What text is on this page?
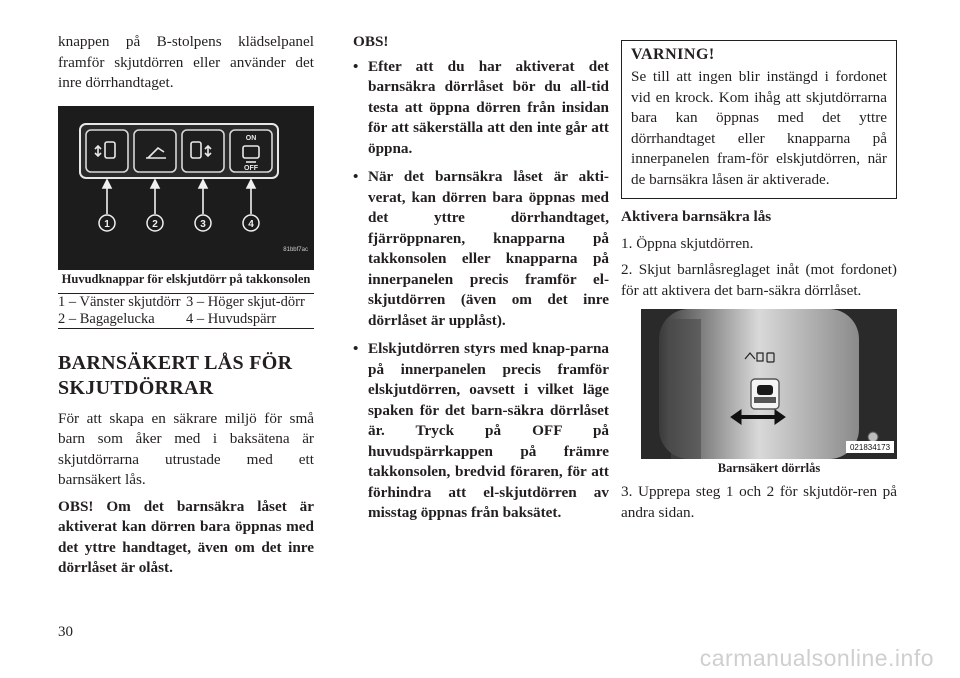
knappen på B-stolpens klädselpanel framför skjutdörren eller använder det inre dörrhandtaget.

ON
OFF
1	2	3	4
81bbf7ac

Huvudknappar för elskjutdörr på takkonsolen

1 – Vänster skjutdörr	3 – Höger skjut-dörr
2 – Bagagelucka	4 – Huvudspärr
BARNSÄKERT LÅS FÖR SKJUTDÖRRAR

För att skapa en säkrare miljö för små barn som åker med i baksätena är skjutdörrarna utrustade med ett barnsäkert lås.

OBS! Om det barnsäkra låset är aktiverat kan dörren bara öppnas med det yttre handtaget, även om det inre dörrlåset är olåst.

OBS!

• Efter att du har aktiverat det barnsäkra dörrlåset bör du all-tid testa att öppna dörren från insidan för att säkerställa att den inte går att öppna.
• När det barnsäkra låset är akti-verat, kan dörren bara öppnas med det yttre dörrhandtaget, fjärröppnaren, knapparna på takkonsolen eller knapparna på innerpanelen precis framför el-skjutdörren (även om det inre dörrlåset är upplåst).
• Elskjutdörren styrs med knap-parna på innerpanelen precis framför elskjutdörren, oavsett i vilket läge spaken för det barn-säkra dörrlåset är. Tryck på OFF på huvudspärrkappen på främre takkonsolen, bredvid föraren, för att förhindra att el-skjutdörren av misstag öppnas från baksätet.
VARNING!

Se till att ingen blir instängd i fordonet vid en krock. Kom ihåg att skjutdörrarna bara kan öppnas med det yttre dörrhandtaget eller knapparna på innerpanelen fram-för elskjutdörren, när de barnsäkra låsen är aktiverade.

Aktivera barnsäkra lås

1. Öppna skjutdörren.

2. Skjut barnlåsreglaget inåt (mot fordonet) för att aktivera det barn-säkra dörrlåset.

021834173

Barnsäkert dörrlås

3. Upprepa steg 1 och 2 för skjutdör-ren på andra sidan.

30
carmanualsonline.info
